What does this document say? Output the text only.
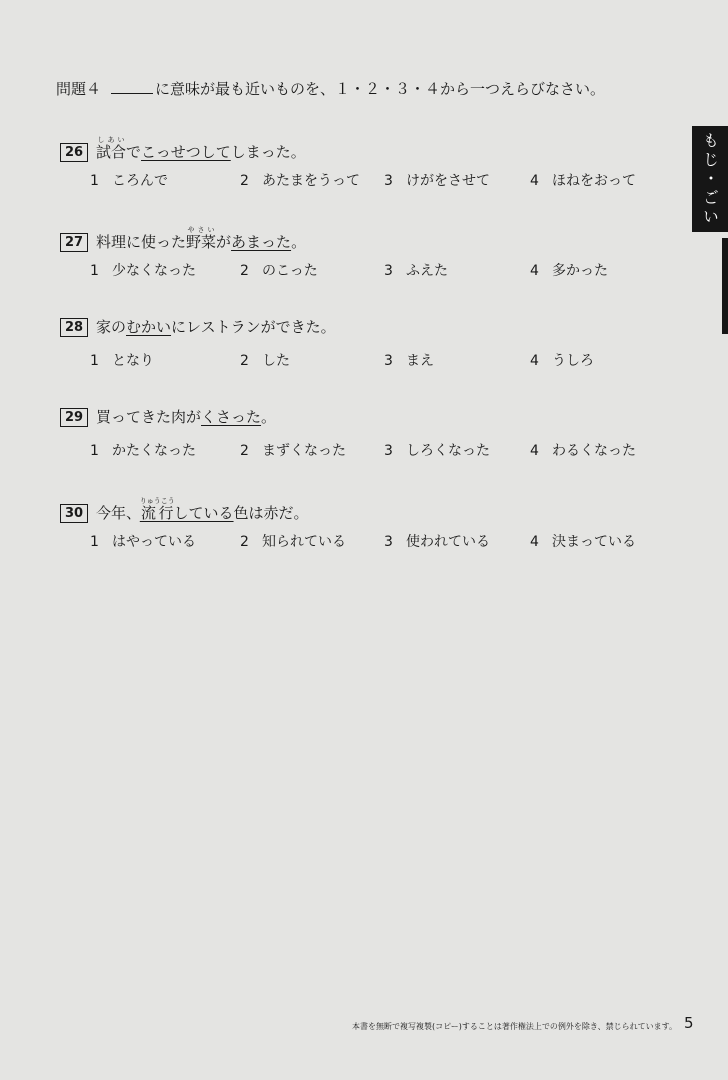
問題４	に意味が最も近いものを、１・２・３・４から一つえらびなさい。
もじ・ごい
26 試合しあいでこっせつしてしまった。
1 ころんで	2 あたまをうって 3 けがをさせて	4 ほねをおって
27 料理に使った野菜やさいがあまった。
1 少なくなった	2 のこった	3 ふえた	4 多かった
28 家のむかいにレストランができた。
1 となり	2 した	3 まえ	4 うしろ
29 買ってきた肉がくさった。
1 かたくなった	2 まずくなった	3 しろくなった	4 わるくなった
30 今年、流行りゅうこうしている色は赤だ。
1 はやっている	2 知られている	3 使われている	4 決まっている
本書を無断で複写複製(コピー)することは著作権法上での例外を除き、禁じられています。 5
